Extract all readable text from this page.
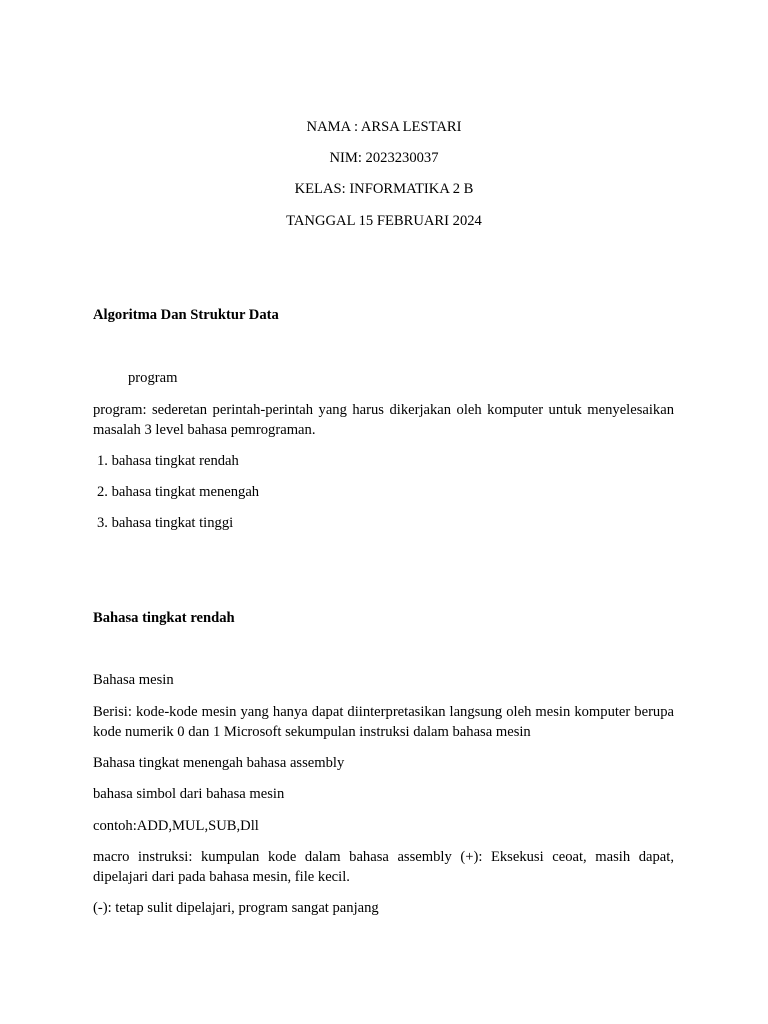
NAMA : ARSA LESTARI
NIM: 2023230037
KELAS: INFORMATIKA 2 B
TANGGAL 15 FEBRUARI 2024
Algoritma Dan Struktur Data
program
program: sederetan perintah-perintah yang harus dikerjakan oleh komputer untuk menyelesaikan masalah 3 level bahasa pemrograman.
1. bahasa tingkat rendah
2. bahasa tingkat menengah
3. bahasa tingkat tinggi
Bahasa tingkat rendah
Bahasa mesin
Berisi: kode-kode mesin yang hanya dapat diinterpretasikan langsung oleh mesin komputer berupa kode numerik 0 dan 1 Microsoft sekumpulan instruksi dalam bahasa mesin
Bahasa tingkat menengah bahasa assembly
bahasa simbol dari bahasa mesin
contoh:ADD,MUL,SUB,Dll
macro instruksi: kumpulan kode dalam bahasa assembly (+): Eksekusi ceoat, masih dapat, dipelajari dari pada bahasa mesin, file kecil.
(-): tetap sulit dipelajari, program sangat panjang
